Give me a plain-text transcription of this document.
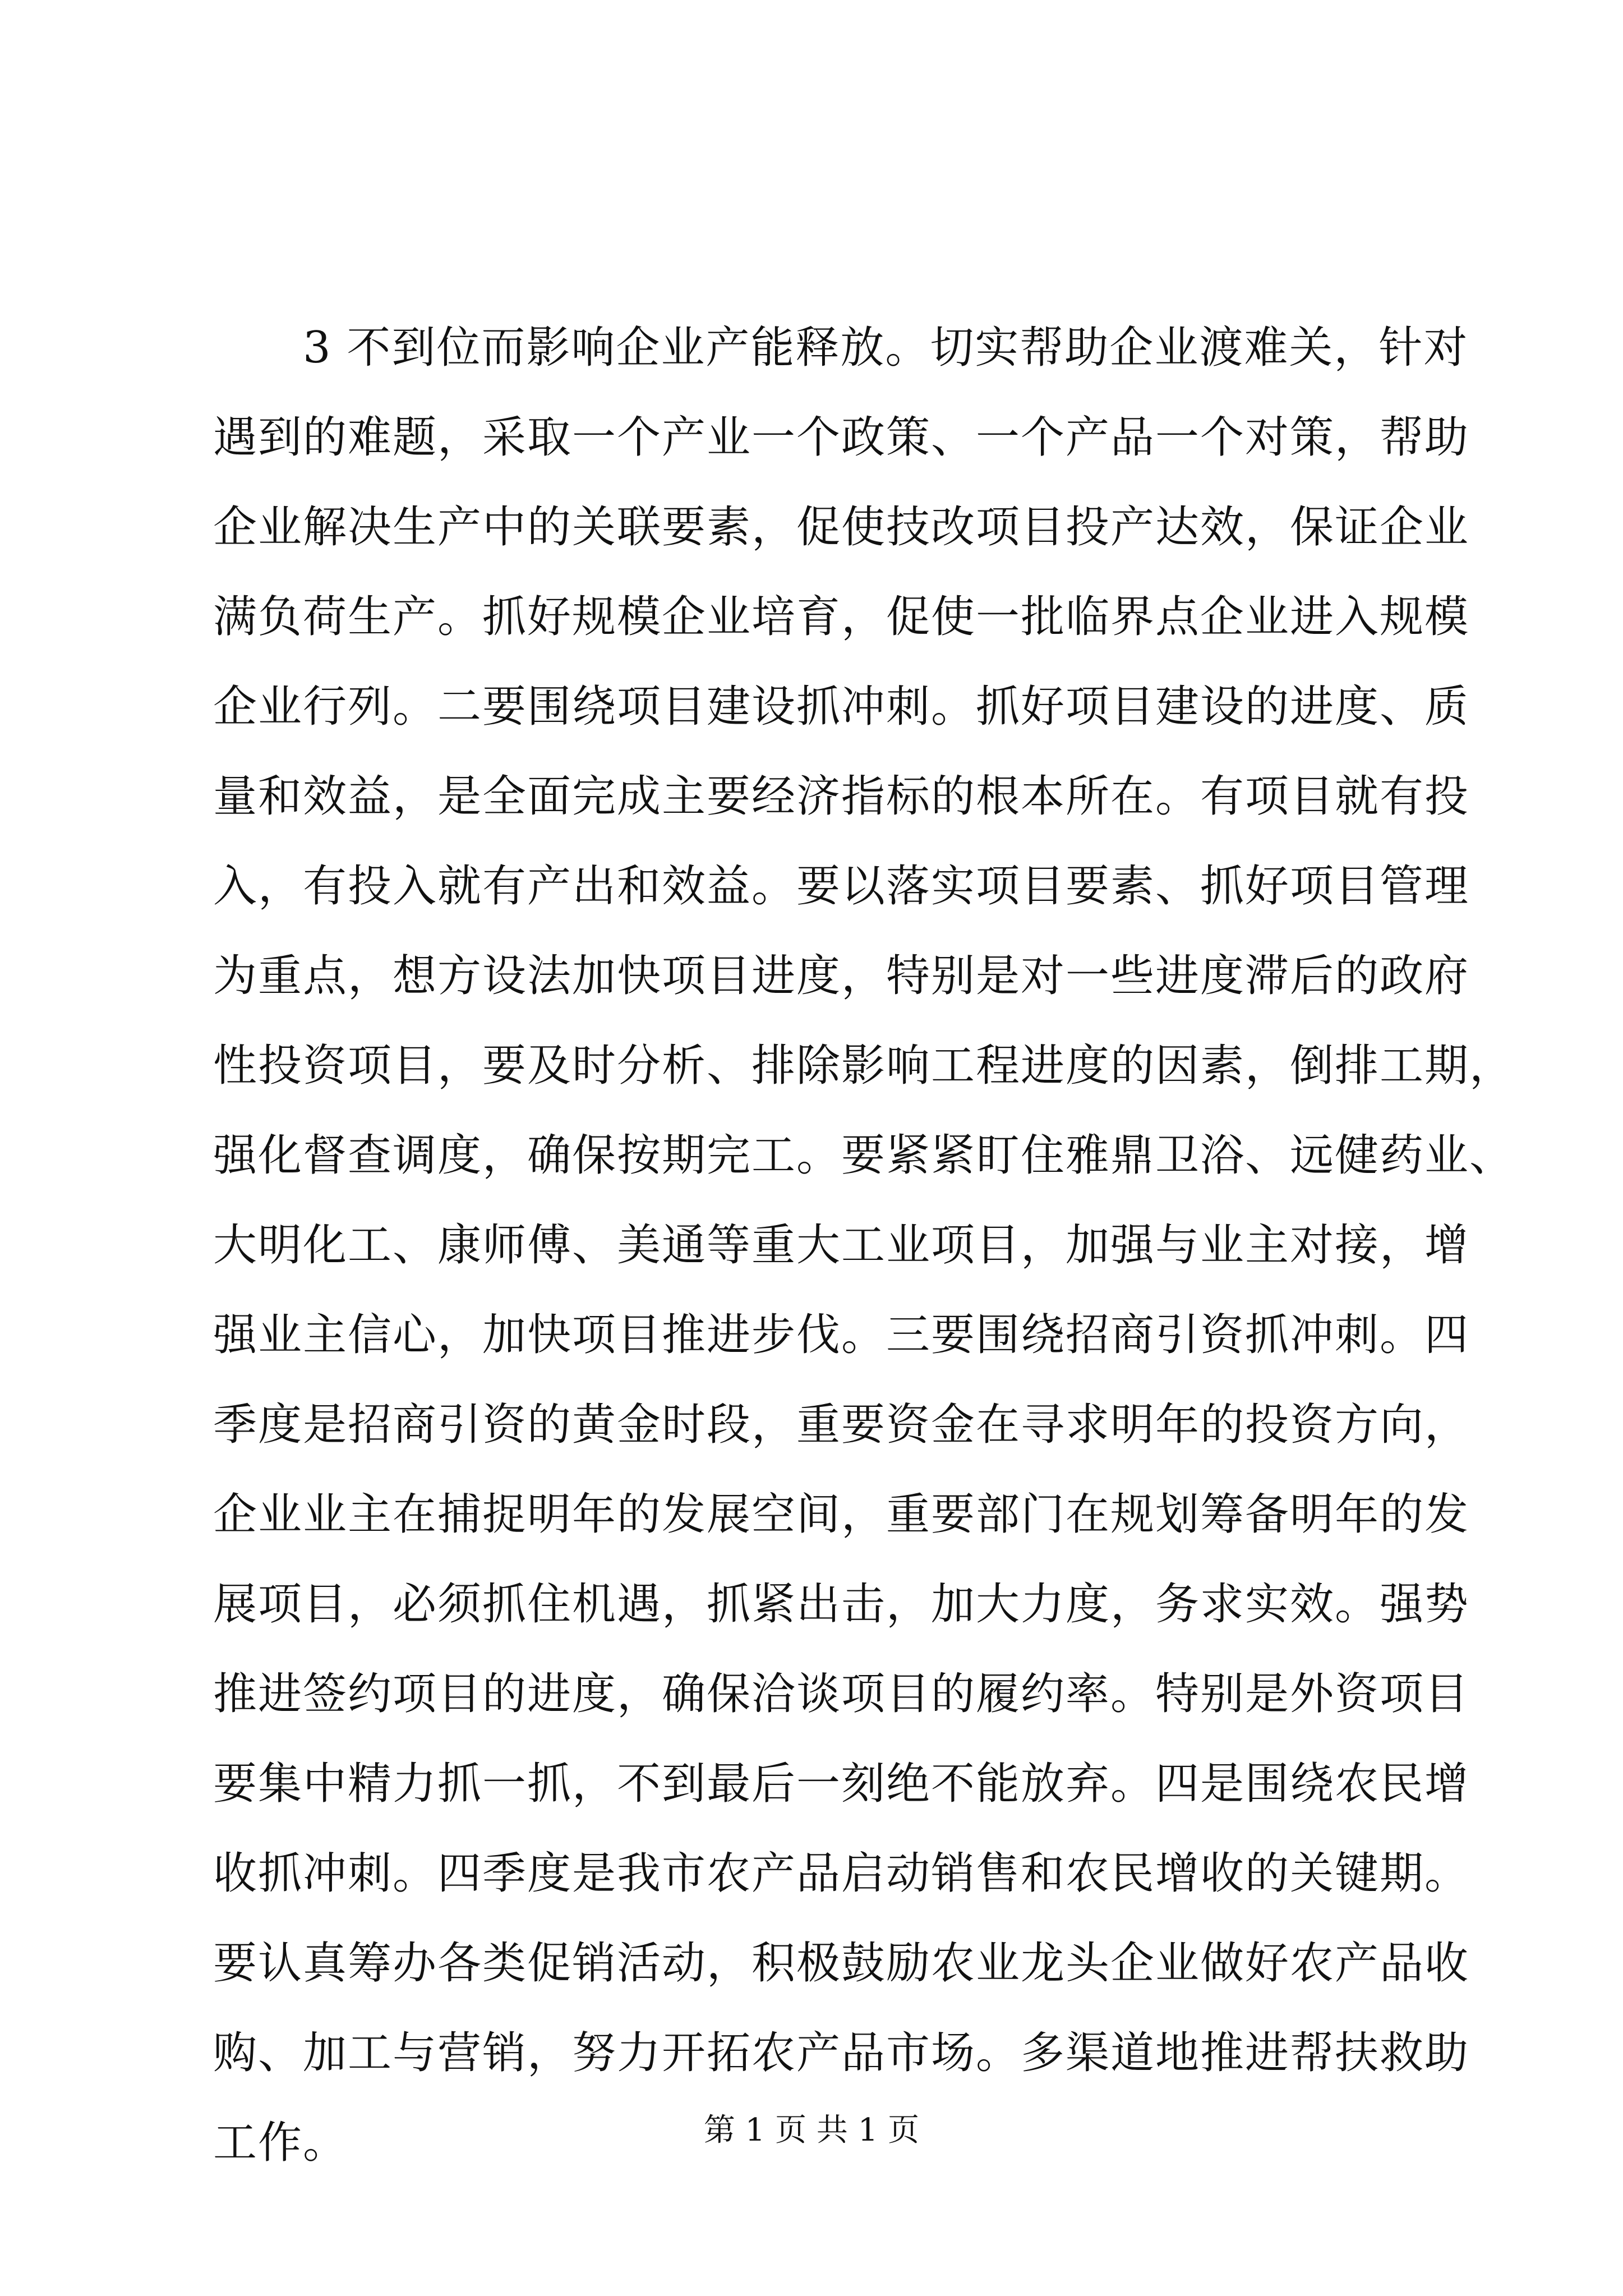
3 不到位而影响企业产能释放。切实帮助企业渡难关，针对
遇到的难题，采取一个产业一个政策、一个产品一个对策，帮助
企业解决生产中的关联要素，促使技改项目投产达效，保证企业
满负荷生产。抓好规模企业培育，促使一批临界点企业进入规模
企业行列。二要围绕项目建设抓冲刺。抓好项目建设的进度、质
量和效益，是全面完成主要经济指标的根本所在。有项目就有投
入，有投入就有产出和效益。要以落实项目要素、抓好项目管理
为重点，想方设法加快项目进度，特别是对一些进度滞后的政府
性投资项目，要及时分析、排除影响工程进度的因素，倒排工期，
强化督查调度，确保按期完工。要紧紧盯住雅鼎卫浴、远健药业、
大明化工、康师傅、美通等重大工业项目，加强与业主对接，增
强业主信心，加快项目推进步伐。三要围绕招商引资抓冲刺。四
季度是招商引资的黄金时段，重要资金在寻求明年的投资方向，
企业业主在捕捉明年的发展空间，重要部门在规划筹备明年的发
展项目，必须抓住机遇，抓紧出击，加大力度，务求实效。强势
推进签约项目的进度，确保洽谈项目的履约率。特别是外资项目
要集中精力抓一抓，不到最后一刻绝不能放弃。四是围绕农民增
收抓冲刺。四季度是我市农产品启动销售和农民增收的关键期。
要认真筹办各类促销活动，积极鼓励农业龙头企业做好农产品收
购、加工与营销，努力开拓农产品市场。多渠道地推进帮扶救助
工作。	第 1 页 共 1 页
